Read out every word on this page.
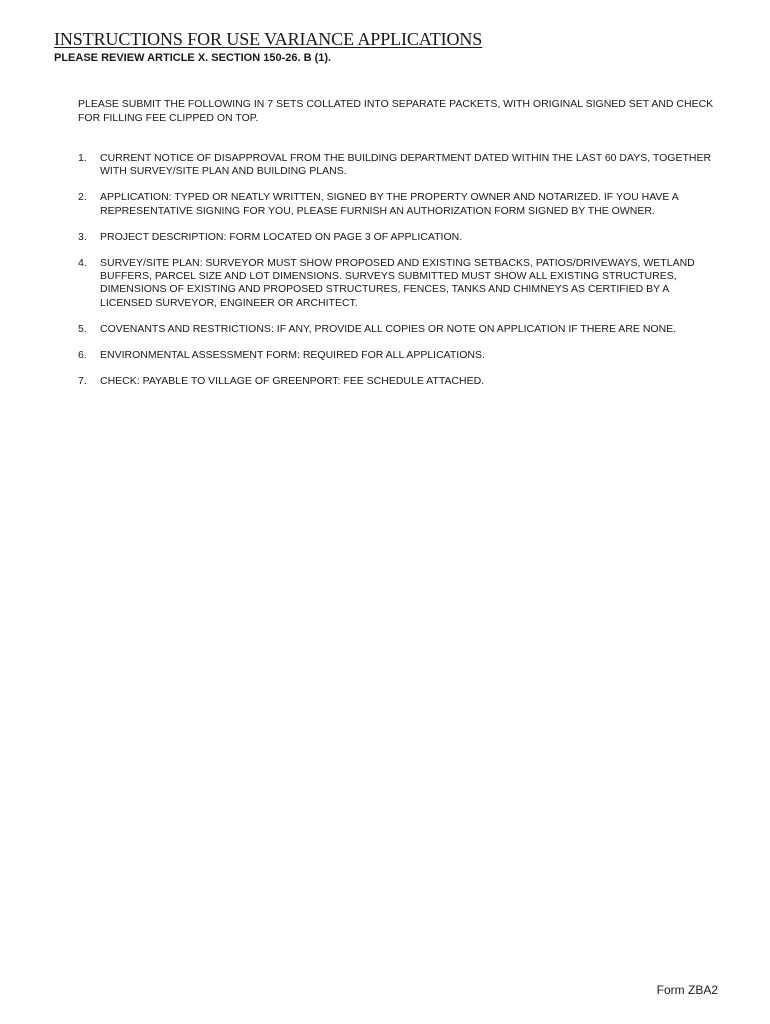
INSTRUCTIONS FOR USE VARIANCE APPLICATIONS
PLEASE REVIEW ARTICLE X. SECTION 150-26. B (1).
PLEASE SUBMIT THE FOLLOWING IN 7 SETS COLLATED INTO SEPARATE PACKETS, WITH ORIGINAL SIGNED SET AND CHECK FOR FILLING FEE CLIPPED ON TOP.
1.	CURRENT NOTICE OF DISAPPROVAL FROM THE BUILDING DEPARTMENT DATED WITHIN THE LAST 60 DAYS, TOGETHER WITH SURVEY/SITE PLAN AND BUILDING PLANS.
2.	APPLICATION: TYPED OR NEATLY WRITTEN, SIGNED BY THE PROPERTY OWNER AND NOTARIZED. IF YOU HAVE A REPRESENTATIVE SIGNING FOR YOU, PLEASE FURNISH AN AUTHORIZATION FORM SIGNED BY THE OWNER.
3.	PROJECT DESCRIPTION: FORM LOCATED ON PAGE 3 OF APPLICATION.
4.	SURVEY/SITE PLAN: SURVEYOR MUST SHOW PROPOSED AND EXISTING SETBACKS, PATIOS/DRIVEWAYS, WETLAND BUFFERS, PARCEL SIZE AND LOT DIMENSIONS. SURVEYS SUBMITTED MUST SHOW ALL EXISTING STRUCTURES, DIMENSIONS OF EXISTING AND PROPOSED STRUCTURES, FENCES, TANKS AND CHIMNEYS AS CERTIFIED BY A LICENSED SURVEYOR, ENGINEER OR ARCHITECT.
5.	COVENANTS AND RESTRICTIONS: IF ANY, PROVIDE ALL COPIES OR NOTE ON APPLICATION IF THERE ARE NONE.
6.	ENVIRONMENTAL ASSESSMENT FORM: REQUIRED FOR ALL APPLICATIONS.
7.	CHECK: PAYABLE TO VILLAGE OF GREENPORT: FEE SCHEDULE ATTACHED.
Form ZBA2
